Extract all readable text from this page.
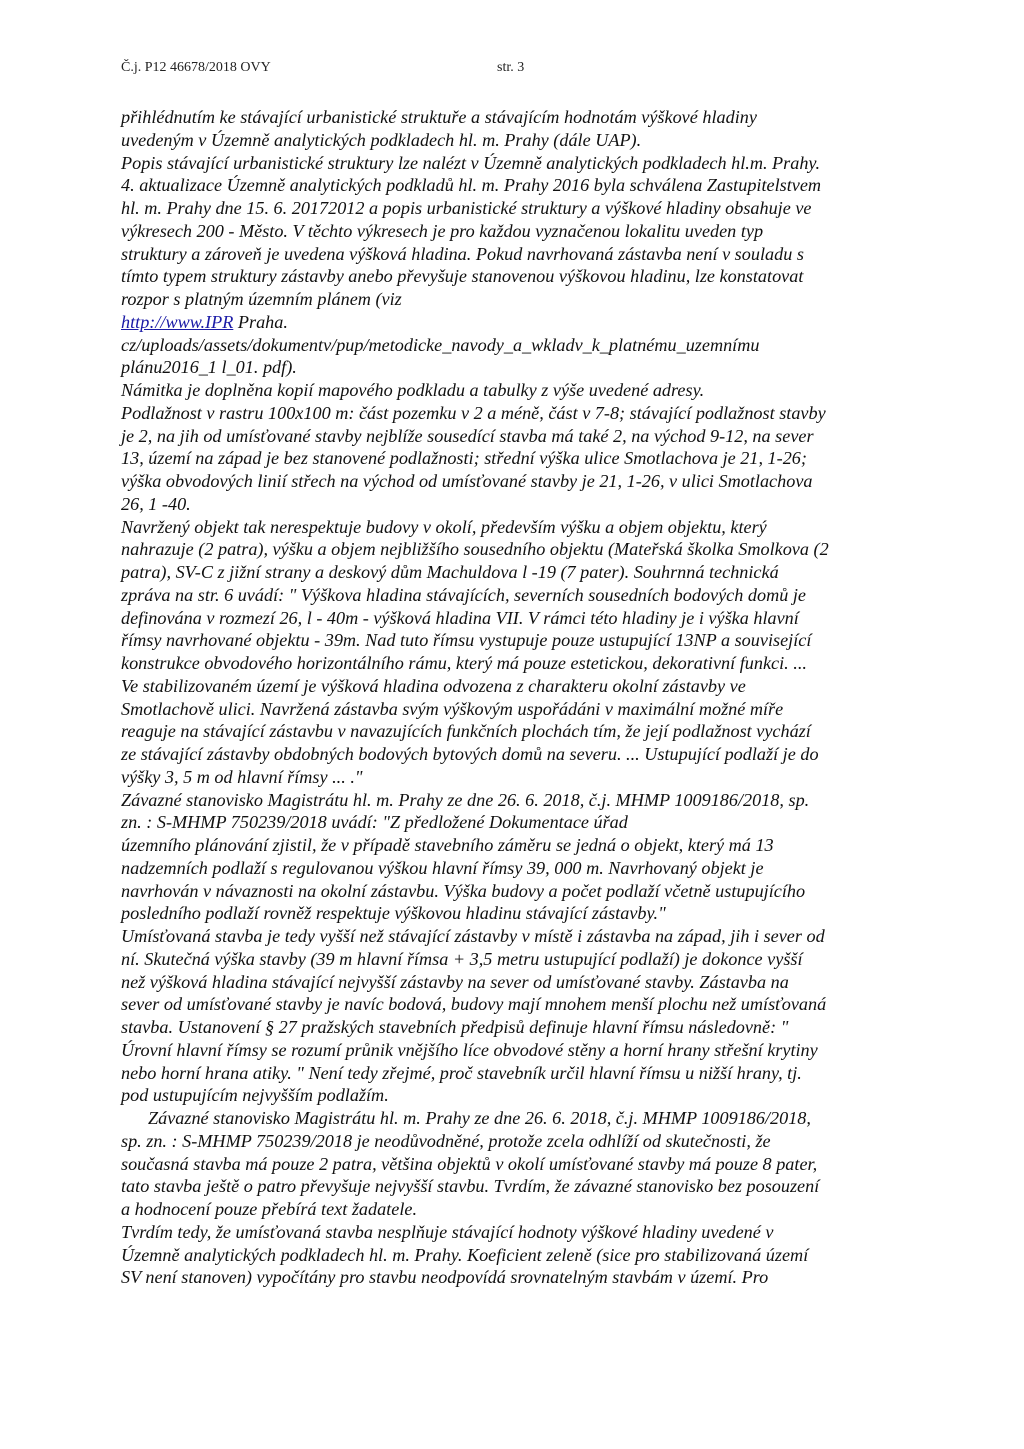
Č.j. P12 46678/2018 OVY	str. 3
přihlédnutím ke stávající urbanistické struktuře a stávajícím hodnotám výškové hladiny
uvedeným v Územně analytických podkladech hl. m. Prahy (dále UAP).
Popis stávající urbanistické struktury lze nalézt v Územně analytických podkladech hl.m. Prahy.
4. aktualizace Územně analytických podkladů hl. m. Prahy 2016 byla schválena Zastupitelstvem
hl. m. Prahy dne 15. 6. 20172012 a popis urbanistické struktury a výškové hladiny obsahuje ve
výkresech 200 - Město. V těchto výkresech je pro každou vyznačenou lokalitu uveden typ
struktury a zároveň je uvedena výšková hladina. Pokud navrhovaná zástavba není v souladu s
tímto typem struktury zástavby anebo převyšuje stanovenou výškovou hladinu, lze konstatovat
rozpor s platným územním plánem (viz
http://www.IPR Praha.
cz/uploads/assets/dokumentv/pup/metodicke_navody_a_wkladv_k_platnému_uzemnímu
plánu2016_1 l_01. pdf).
Námitka je doplněna kopií mapového podkladu a tabulky z výše uvedené adresy.
Podlažnost v rastru 100x100 m: část pozemku v 2 a méně, část v 7-8; stávající podlažnost stavby
je 2, na jih od umísťované stavby nejblíže sousedící stavba má také 2, na východ 9-12, na sever
13, území na západ je bez stanovené podlažnosti; střední výška ulice Smotlachova je 21, 1-26;
výška obvodových linií střech na východ od umísťované stavby je 21, 1-26, v ulici Smotlachova
26, 1 -40.
Navržený objekt tak nerespektuje budovy v okolí, především výšku a objem objektu, který
nahrazuje (2 patra), výšku a objem nejbližšího sousedního objektu (Mateřská školka Smolkova (2
patra), SV-C z jižní strany a deskový dům Machuldova l -19 (7 pater). Souhrnná technická
zpráva na str. 6 uvádí: " Výškova hladina stávajících, severních sousedních bodových domů je
definována v rozmezí 26, l - 40m - výšková hladina VII. V rámci této hladiny je i výška hlavní
římsy navrhované objektu - 39m. Nad tuto římsu vystupuje pouze ustupující 13NP a související
konstrukce obvodového horizontálního rámu, který má pouze estetickou, dekorativní funkci. ...
Ve stabilizovaném území je výšková hladina odvozena z charakteru okolní zástavby ve
Smotlachově ulici. Navržená zástavba svým výškovým uspořádáni v maximální možné míře
reaguje na stávající zástavbu v navazujících funkčních plochách tím, že její podlažnost vychází
ze stávající zástavby obdobných bodových bytových domů na severu. ... Ustupující podlaží je do
výšky 3, 5 m od hlavní římsy ... ."
Závazné stanovisko Magistrátu hl. m. Prahy ze dne 26. 6. 2018, č.j. MHMP 1009186/2018, sp.
zn. : S-MHMP 750239/2018 uvádí: "Z předložené Dokumentace úřad
územního plánování zjistil, že v případě stavebního záměru se jedná o objekt, který má 13
nadzemních podlaží s regulovanou výškou hlavní římsy 39, 000 m. Navrhovaný objekt je
navrhován v návaznosti na okolní zástavbu. Výška budovy a počet podlaží včetně ustupujícího
posledního podlaží rovněž respektuje výškovou hladinu stávající zástavby."
Umísťovaná stavba je tedy vyšší než stávající zástavby v místě i zástavba na západ, jih i sever od
ní. Skutečná výška stavby (39 m hlavní římsa + 3,5 metru ustupující podlaží) je dokonce vyšší
než výšková hladina stávající nejvyšší zástavby na sever od umísťované stavby. Zástavba na
sever od umísťované stavby je navíc bodová, budovy mají mnohem menší plochu než umísťovaná
stavba. Ustanovení § 27 pražských stavebních předpisů definuje hlavní římsu následovně: "
Úrovní hlavní římsy se rozumí průnik vnějšího líce obvodové stěny a horní hrany střešní krytiny
nebo horní hrana atiky. " Není tedy zřejmé, proč stavebník určil hlavní římsu u nižší hrany, tj.
pod ustupujícím nejvyšším podlažím.
Závazné stanovisko Magistrátu hl. m. Prahy ze dne 26. 6. 2018, č.j. MHMP 1009186/2018,
sp. zn. : S-MHMP 750239/2018 je neodůvodněné, protože zcela odhlíží od skutečnosti, že
současná stavba má pouze 2 patra, většina objektů v okolí umísťované stavby má pouze 8 pater,
tato stavba ještě o patro převyšuje nejvyšší stavbu. Tvrdím, že závazné stanovisko bez posouzení
a hodnocení pouze přebírá text žadatele.
Tvrdím tedy, že umísťovaná stavba nesplňuje stávající hodnoty výškové hladiny uvedené v
Územně analytických podkladech hl. m. Prahy. Koeficient zeleně (sice pro stabilizovaná území
SV není stanoven) vypočítány pro stavbu neodpovídá srovnatelným stavbám v území. Pro
